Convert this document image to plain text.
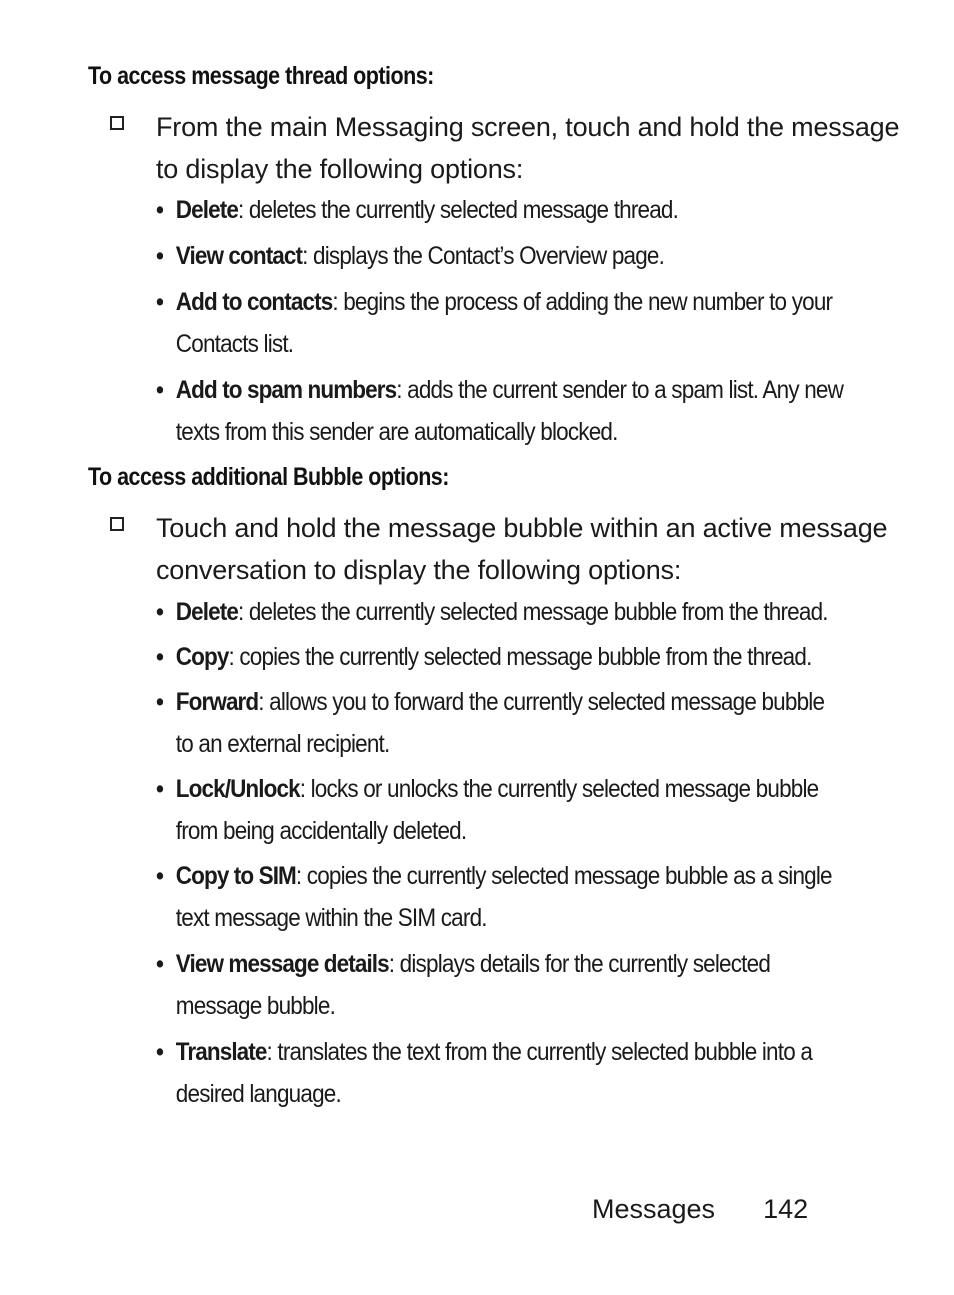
To access message thread options:
From the main Messaging screen, touch and hold the message
to display the following options:
• Delete: deletes the currently selected message thread.
• View contact: displays the Contact’s Overview page.
• Add to contacts: begins the process of adding the new number to your
Contacts list.
• Add to spam numbers: adds the current sender to a spam list. Any new
texts from this sender are automatically blocked.
To access additional Bubble options:
Touch and hold the message bubble within an active message
conversation to display the following options:
• Delete: deletes the currently selected message bubble from the thread.
• Copy: copies the currently selected message bubble from the thread.
• Forward: allows you to forward the currently selected message bubble
to an external recipient.
• Lock/Unlock: locks or unlocks the currently selected message bubble
from being accidentally deleted.
• Copy to SIM: copies the currently selected message bubble as a single
text message within the SIM card.
• View message details: displays details for the currently selected
message bubble.
• Translate: translates the text from the currently selected bubble into a
desired language.
Messages 142
